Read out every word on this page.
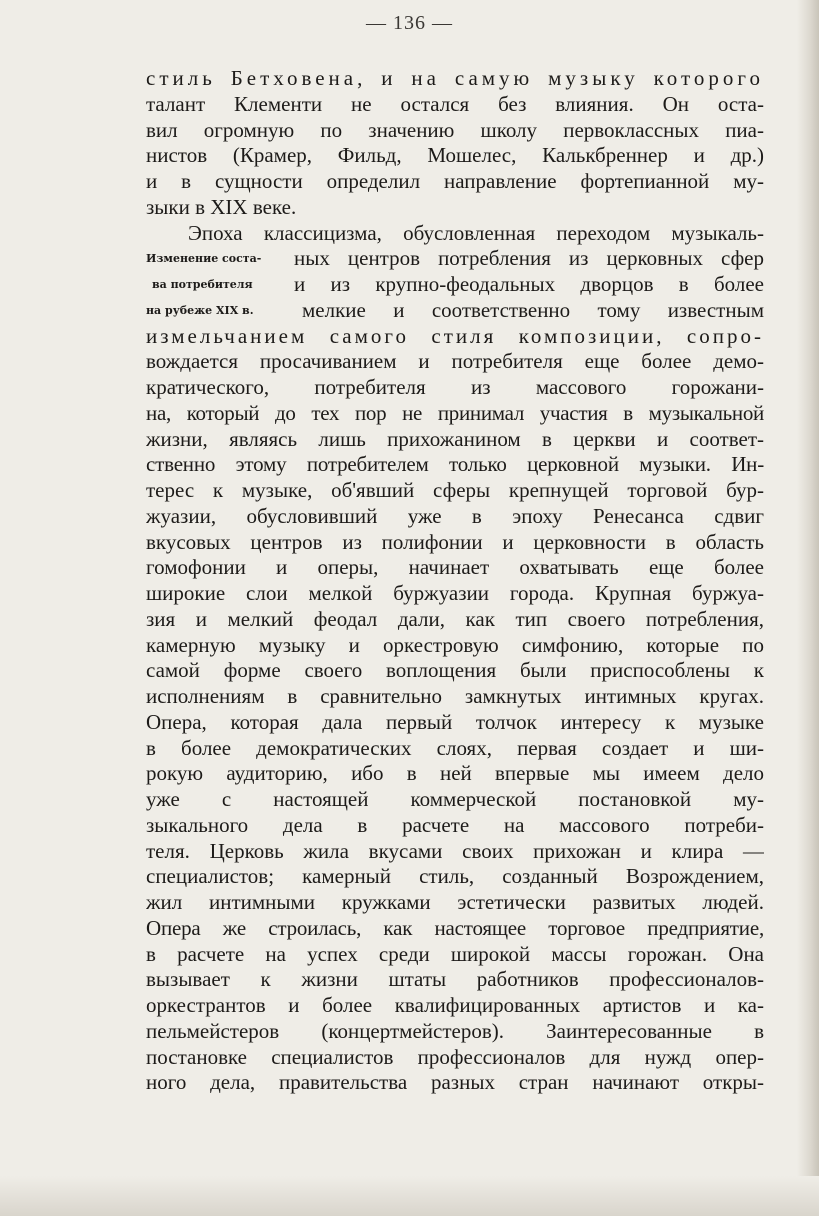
— 136 —
Изменение соста-
ва потребителя
на рубеже XIX в.
стиль Бетховена, и на самую музыку которого
талант Клементи не остался без влияния. Он оста-
вил огромную по значению школу первоклассных пиа-
нистов (Крамер, Фильд, Мошелес, Калькбреннер и др.)
и в сущности определил направление фортепианной му-
зыки в XIX веке.
Эпоха классицизма, обусловленная переходом музыкаль-
ных центров потребления из церковных сфер
и из крупно-феодальных дворцов в более
мелкие и соответственно тому известным
измельчанием самого стиля композиции, сопро-
вождается просачиванием и потребителя еще более демо-
кратического, потребителя из массового горожани-
на, который до тех пор не принимал участия в музыкальной
жизни, являясь лишь прихожанином в церкви и соответ-
ственно этому потребителем только церковной музыки. Ин-
терес к музыке, об'явший сферы крепнущей торговой бур-
жуазии, обусловивший уже в эпоху Ренесанса сдвиг
вкусовых центров из полифонии и церковности в область
гомофонии и оперы, начинает охватывать еще более
широкие слои мелкой буржуазии города. Крупная буржуа-
зия и мелкий феодал дали, как тип своего потребления,
камерную музыку и оркестровую симфонию, которые по
самой форме своего воплощения были приспособлены к
исполнениям в сравнительно замкнутых интимных кругах.
Опера, которая дала первый толчок интересу к музыке
в более демократических слоях, первая создает и ши-
рокую аудиторию, ибо в ней впервые мы имеем дело
уже с настоящей коммерческой постановкой му-
зыкального дела в расчете на массового потреби-
теля. Церковь жила вкусами своих прихожан и клира —
специалистов; камерный стиль, созданный Возрождением,
жил интимными кружками эстетически развитых людей.
Опера же строилась, как настоящее торговое предприятие,
в расчете на успех среди широкой массы горожан. Она
вызывает к жизни штаты работников профессионалов-
оркестрантов и более квалифицированных артистов и ка-
пельмейстеров (концертмейстеров). Заинтересованные в
постановке специалистов профессионалов для нужд опер-
ного дела, правительства разных стран начинают откры-
